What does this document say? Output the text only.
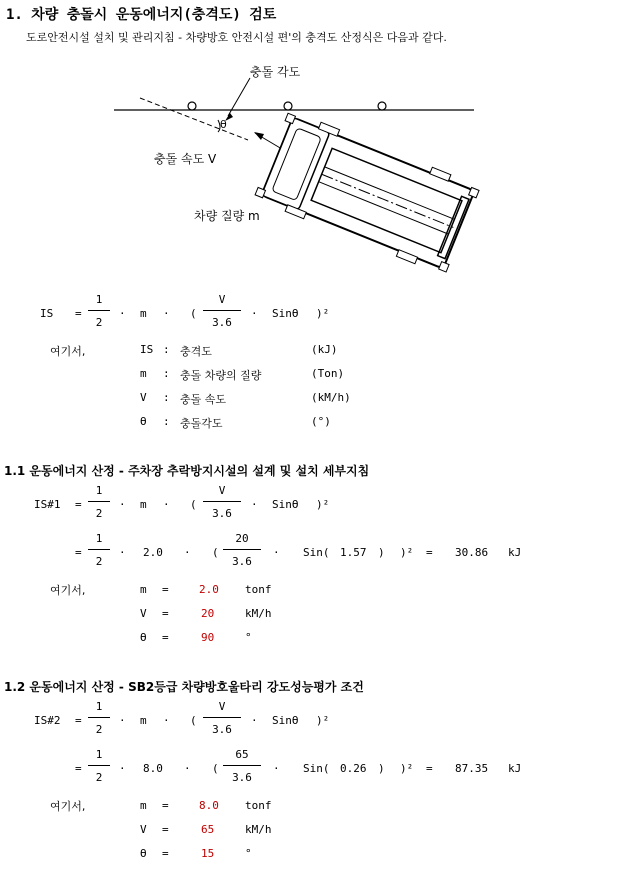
1. 차량 충돌시 운동에너지(충격도) 검토
도로안전시설 설치 및 관리지침 - 차량방호 안전시설 편'의 충격도 산정식은 다음과 같다.
충돌 각도
θ
충돌 속도 V
차량 질량 m
IS =
1
2
· m · (
V
3.6
· Sinϴ )²
여기서,	IS : 충격도	(kJ)
m : 충돌 차량의 질량	(Ton)
V : 충돌 속도	(kM/h)
ϴ : 충돌각도	(°)
1.1 운동에너지 산정 - 주차장 추락방지시설의 설계 및 설치 세부지침
IS#1 =
1
2
· m · (
V
3.6
· Sinϴ )²
=
1
2
· 2.0 · (
20
3.6
· Sin( 1.57 ) )² = 30.86 kJ
여기서,	m =	2.0 tonf
V =	20	kM/h
ϴ =	90	°
1.2 운동에너지 산정 - SB2등급 차량방호울타리 강도성능평가 조건
IS#2 =
1
2
· m · (
V
3.6
· Sinϴ )²
=
1
2
· 8.0 · (
65
3.6
· Sin( 0.26 ) )² = 87.35 kJ
여기서,	m =	8.0 tonf
V =	65	kM/h
ϴ =	15	°
